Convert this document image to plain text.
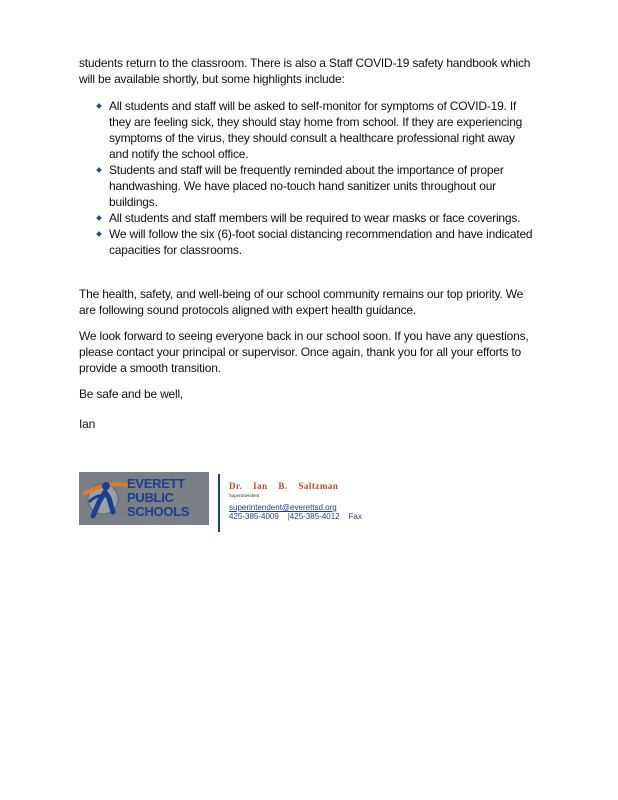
students return to the classroom. There is also a Staff COVID-19 safety handbook which will be available shortly, but some highlights include:

All students and staff will be asked to self-monitor for symptoms of COVID-19. If they are feeling sick, they should stay home from school. If they are experiencing symptoms of the virus, they should consult a healthcare professional right away and notify the school office.
Students and staff will be frequently reminded about the importance of proper handwashing. We have placed no-touch hand sanitizer units throughout our buildings.
All students and staff members will be required to wear masks or face coverings.
We will follow the six (6)-foot social distancing recommendation and have indicated capacities for classrooms.

The health, safety, and well-being of our school community remains our top priority. We are following sound protocols aligned with expert health guidance.

We look forward to seeing everyone back in our school soon. If you have any questions, please contact your principal or supervisor. Once again, thank you for all your efforts to provide a smooth transition.

Be safe and be well,

Ian

EVERETT
PUBLIC
SCHOOLS
Dr. Ian B. Saltzman
Superintendent
superintendent@everettsd.org
425-385-4009    |425-385-4012    Fax
